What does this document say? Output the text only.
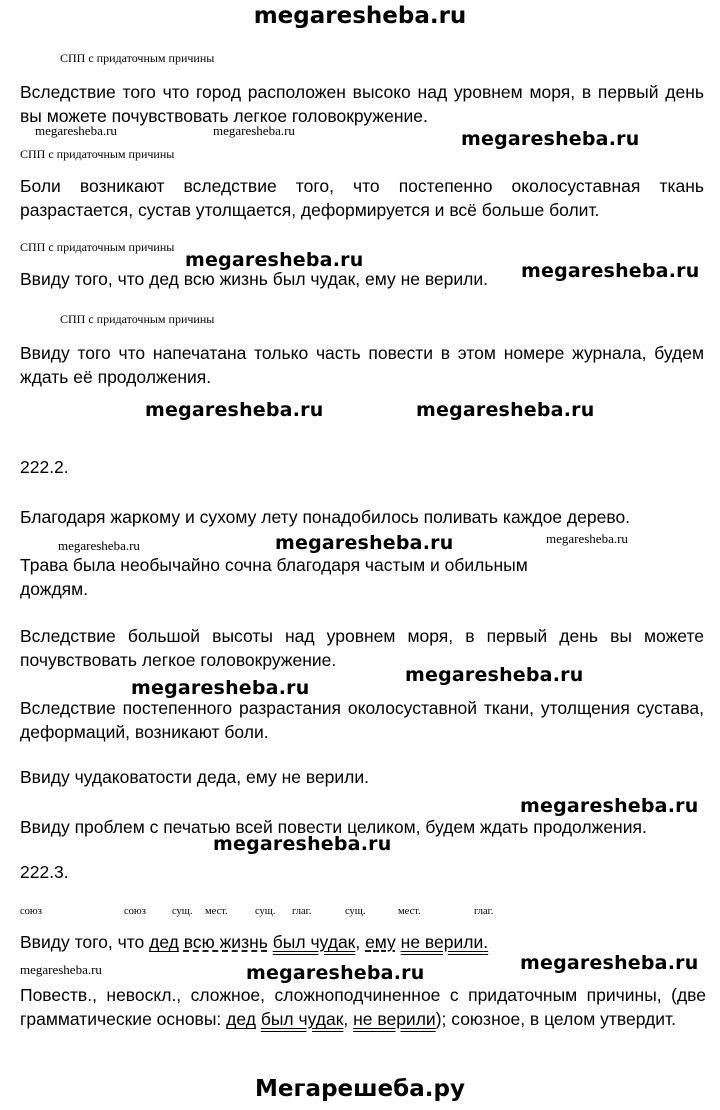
megaresheba.ru
СПП с придаточным причины
Вследствие того что город расположен высоко над уровнем моря, в первый день вы можете почувствовать легкое головокружение.
megaresheba.ru	megaresheba.ru	megaresheba.ru
СПП с придаточным причины
Боли возникают вследствие того, что постепенно околосуставная ткань разрастается, сустав утолщается, деформируется и всё больше болит.
СПП с придаточным причины
megaresheba.ru	megaresheba.ru
Ввиду того, что дед всю жизнь был чудак, ему не верили.
СПП с придаточным причины
Ввиду того что напечатана только часть повести в этом номере журнала, будем ждать её продолжения.
megaresheba.ru	megaresheba.ru
222.2.
Благодаря жаркому и сухому лету понадобилось поливать каждое дерево.
megaresheba.ru	megaresheba.ru	megaresheba.ru
Трава была необычайно сочна благодаря частым и обильным дождям.
Вследствие большой высоты над уровнем моря, в первый день вы можете почувствовать легкое головокружение.
megaresheba.ru
megaresheba.ru
Вследствие постепенного разрастания околосуставной ткани, утолщения сустава, деформаций, возникают боли.
Ввиду чудаковатости деда, ему не верили.
megaresheba.ru
Ввиду проблем с печатью всей повести целиком, будем ждать продолжения.
megaresheba.ru
222.3.
союз	союз сущ. мест.	сущ. глаг.	сущ.	мест.	глаг.
Ввиду того, что дед всю жизнь был чудак, ему не верили.
megaresheba.ru	megaresheba.ru	megaresheba.ru
Повеств., невоскл., сложное, сложноподчиненное с придаточным причины, (две грамматические основы: дед был чудак, не верили); союзное, в целом утвердит.
Мегарешеба.ру
